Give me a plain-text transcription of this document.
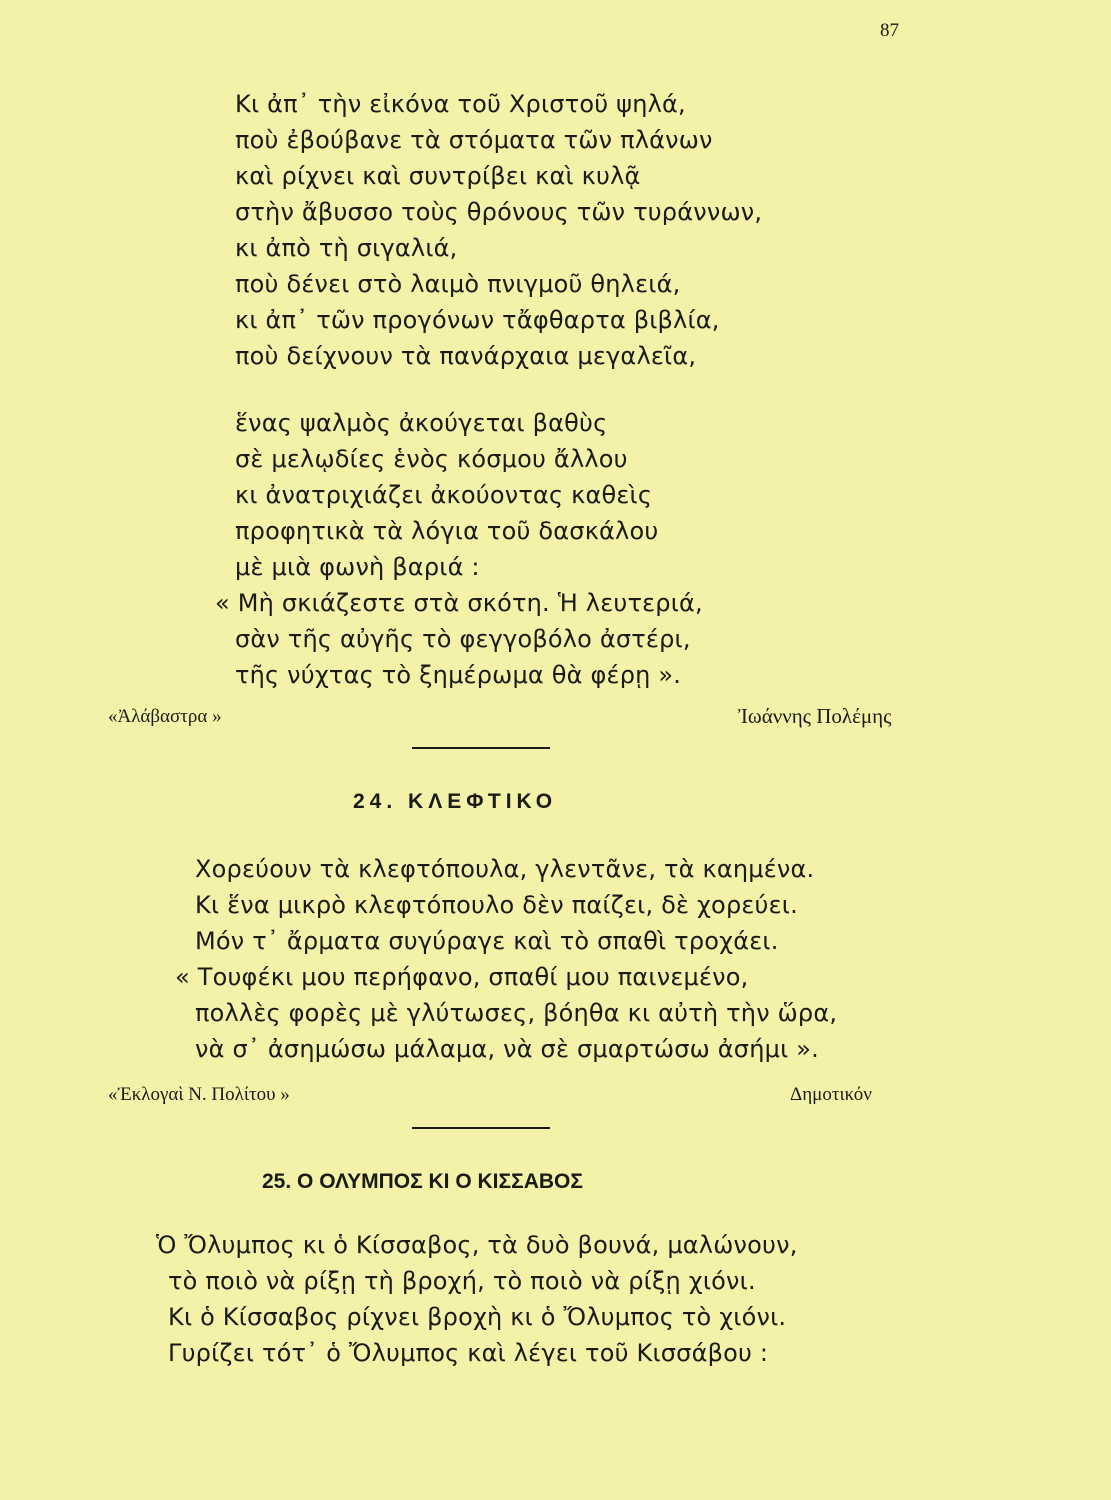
87
Κι ἀπ᾽ τὴν εἰκόνα τοῦ Χριστοῦ ψηλά,
ποὺ ἐβούβανε τὰ στόματα τῶν πλάνων
καὶ ρίχνει καὶ συντρίβει καὶ κυλᾷ
στὴν ἄβυσσο τοὺς θρόνους τῶν τυράννων,
κι ἀπὸ τὴ σιγαλιά,
ποὺ δένει στὸ λαιμὸ πνιγμοῦ θηλειά,
κι ἀπ᾽ τῶν προγόνων τἄφθαρτα βιβλία,
ποὺ δείχνουν τὰ πανάρχαια μεγαλεῖα,
ἕνας ψαλμὸς ἀκούγεται βαθὺς
σὲ μελῳδίες ἑνὸς κόσμου ἄλλου
κι ἀνατριχιάζει ἀκούοντας καθεὶς
προφητικὰ τὰ λόγια τοῦ δασκάλου
μὲ μιὰ φωνὴ βαριά :
« Μὴ σκιάζεστε στὰ σκότη. Ἡ λευτεριά,
σὰν τῆς αὐγῆς τὸ φεγγοβόλο ἀστέρι,
τῆς νύχτας τὸ ξημέρωμα θὰ φέρῃ ».
«Ἀλάβαστρα »	Ἰωάννης Πολέμης
24. ΚΛΕΦΤΙΚΟ
Χορεύουν τὰ κλεφτόπουλα, γλεντᾶνε, τὰ καημένα.
Κι ἕνα μικρὸ κλεφτόπουλο δὲν παίζει, δὲ χορεύει.
Μόν τ᾽ ἄρματα συγύραγε καὶ τὸ σπαθὶ τροχάει.
« Τουφέκι μου περήφανο, σπαθί μου παινεμένο,
πολλὲς φορὲς μὲ γλύτωσες, βόηθα κι αὐτὴ τὴν ὥρα,
νὰ σ᾽ ἀσημώσω μάλαμα, νὰ σὲ σμαρτώσω ἀσήμι ».
«Ἐκλογαὶ Ν. Πολίτου »	Δημοτικόν
25. Ο ΟΛΥΜΠΟΣ ΚΙ Ο ΚΙΣΣΑΒΟΣ
Ὁ Ὄλυμπος κι ὁ Κίσσαβος, τὰ δυὸ βουνά, μαλώνουν,
τὸ ποιὸ νὰ ρίξῃ τὴ βροχή, τὸ ποιὸ νὰ ρίξῃ χιόνι.
Κι ὁ Κίσσαβος ρίχνει βροχὴ κι ὁ Ὄλυμπος τὸ χιόνι.
Γυρίζει τότ᾽ ὁ Ὄλυμπος καὶ λέγει τοῦ Κισσάβου :
